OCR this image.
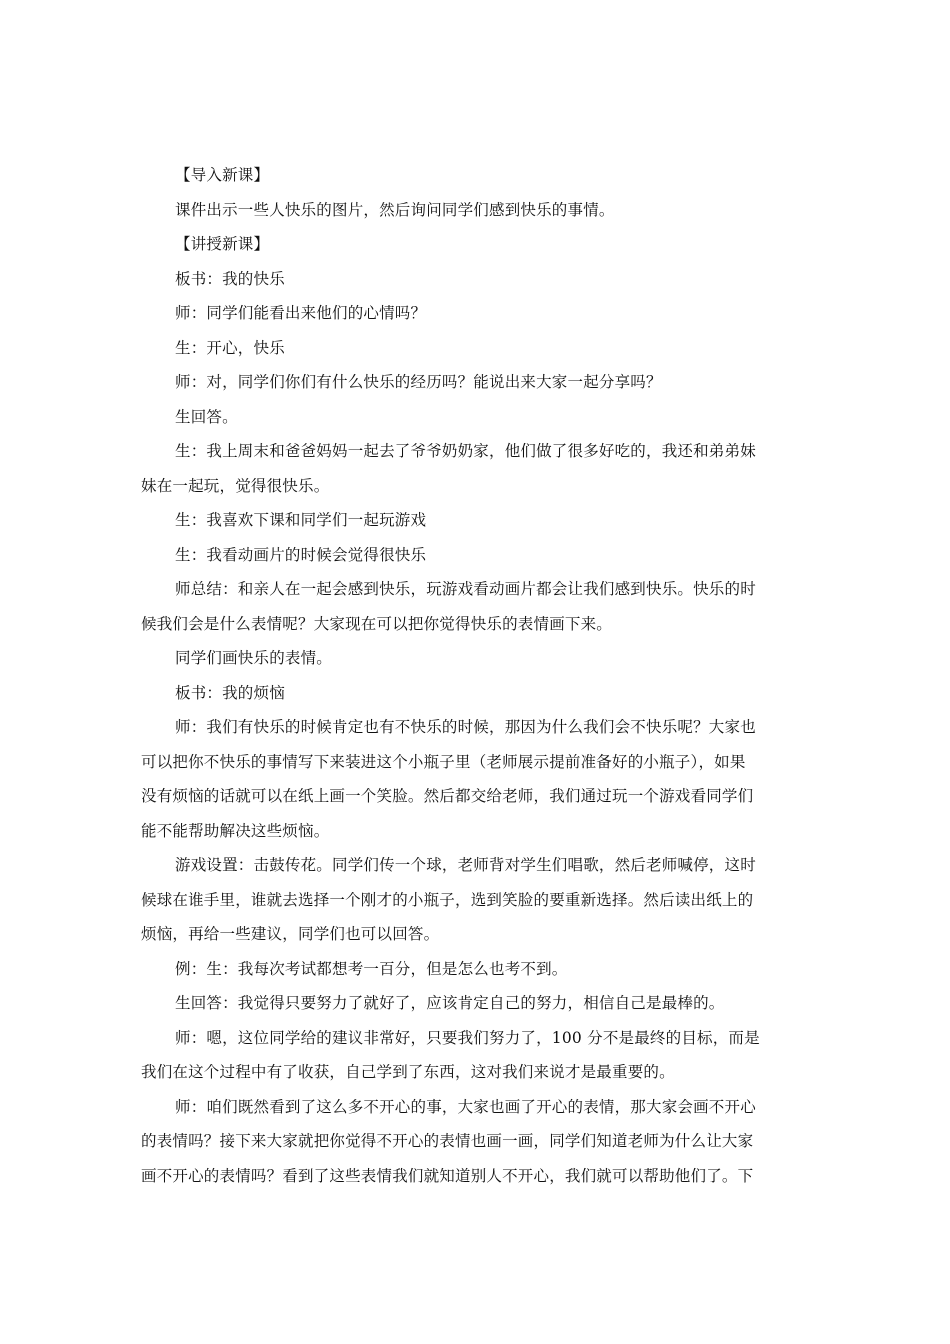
【导入新课】
课件出示一些人快乐的图片，然后询问同学们感到快乐的事情。
【讲授新课】
板书：我的快乐
师：同学们能看出来他们的心情吗？
生：开心，快乐
师：对，同学们你们有什么快乐的经历吗？能说出来大家一起分享吗？
生回答。
生：我上周末和爸爸妈妈一起去了爷爷奶奶家，他们做了很多好吃的，我还和弟弟妹
妹在一起玩，觉得很快乐。
生：我喜欢下课和同学们一起玩游戏
生：我看动画片的时候会觉得很快乐
师总结：和亲人在一起会感到快乐，玩游戏看动画片都会让我们感到快乐。快乐的时
候我们会是什么表情呢？大家现在可以把你觉得快乐的表情画下来。
同学们画快乐的表情。
板书：我的烦恼
师：我们有快乐的时候肯定也有不快乐的时候，那因为什么我们会不快乐呢？大家也
可以把你不快乐的事情写下来装进这个小瓶子里（老师展示提前准备好的小瓶子），如果
没有烦恼的话就可以在纸上画一个笑脸。然后都交给老师，我们通过玩一个游戏看同学们
能不能帮助解决这些烦恼。
游戏设置：击鼓传花。同学们传一个球，老师背对学生们唱歌，然后老师喊停，这时
候球在谁手里，谁就去选择一个刚才的小瓶子，选到笑脸的要重新选择。然后读出纸上的
烦恼，再给一些建议，同学们也可以回答。
例：生：我每次考试都想考一百分，但是怎么也考不到。
生回答：我觉得只要努力了就好了，应该肯定自己的努力，相信自己是最棒的。
师：嗯，这位同学给的建议非常好，只要我们努力了，100 分不是最终的目标，而是
我们在这个过程中有了收获，自己学到了东西，这对我们来说才是最重要的。
师：咱们既然看到了这么多不开心的事，大家也画了开心的表情，那大家会画不开心
的表情吗？接下来大家就把你觉得不开心的表情也画一画，同学们知道老师为什么让大家
画不开心的表情吗？看到了这些表情我们就知道别人不开心，我们就可以帮助他们了。下
